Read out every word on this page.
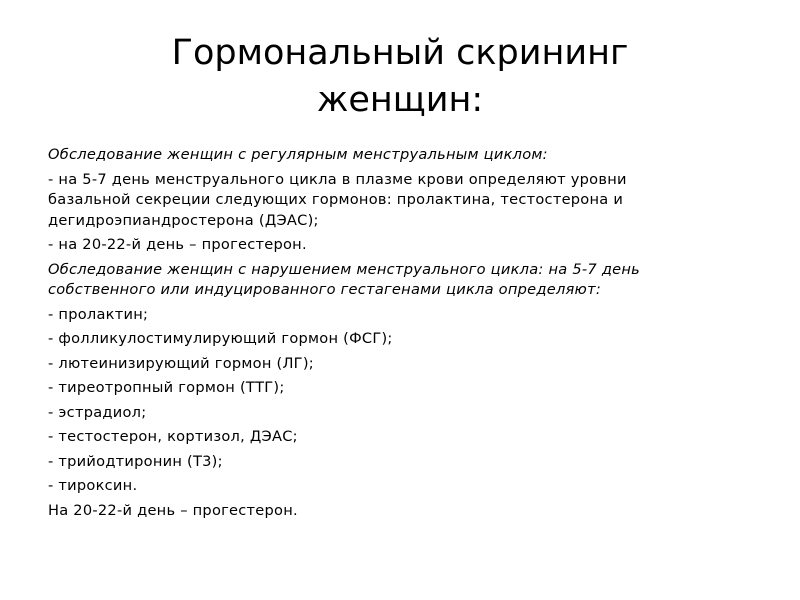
Гормональный скрининг
женщин:

Обследование женщин с регулярным менструальным циклом:

- на 5-7 день менструального цикла в плазме крови определяют уровни

базальной секреции следующих гормонов: пролактина, тестостерона и

дегидроэпиандростерона (ДЭАС);

- на 20-22-й день – прогестерон.

Обследование женщин с нарушением менструального цикла: на 5-7 день

собственного или индуцированного гестагенами цикла определяют:

- пролактин;

- фолликулостимулирующий гормон (ФСГ);

- лютеинизирующий гормон (ЛГ);

- тиреотропный гормон (ТТГ);

- эстрадиол;

- тестостерон, кортизол, ДЭАС;

- трийодтиронин (Т3);

- тироксин.

На 20-22-й день – прогестерон.
